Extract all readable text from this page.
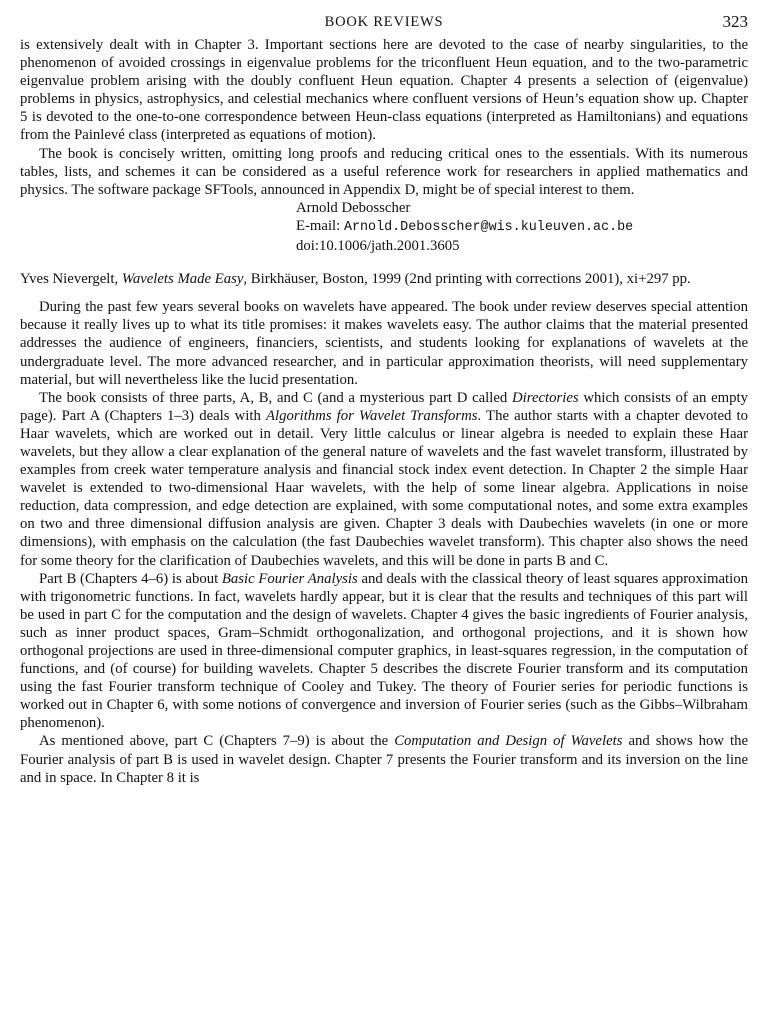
BOOK REVIEWS	323

is extensively dealt with in Chapter 3. Important sections here are devoted to the case of nearby singularities, to the phenomenon of avoided crossings in eigenvalue problems for the triconfluent Heun equation, and to the two-parametric eigenvalue problem arising with the doubly confluent Heun equation. Chapter 4 presents a selection of (eigenvalue) problems in physics, astrophysics, and celestial mechanics where confluent versions of Heun’s equation show up. Chapter 5 is devoted to the one-to-one correspondence between Heun-class equations (interpreted as Hamiltonians) and equations from the Painlevé class (interpreted as equations of motion).

The book is concisely written, omitting long proofs and reducing critical ones to the essentials. With its numerous tables, lists, and schemes it can be considered as a useful reference work for researchers in applied mathematics and physics. The software package SFTools, announced in Appendix D, might be of special interest to them.

Arnold Debosscher
E-mail: Arnold.Debosscher@wis.kuleuven.ac.be
doi:10.1006/jath.2001.3605

Yves Nievergelt, Wavelets Made Easy, Birkhäuser, Boston, 1999 (2nd printing with corrections 2001), xi+297 pp.

During the past few years several books on wavelets have appeared. The book under review deserves special attention because it really lives up to what its title promises: it makes wavelets easy. The author claims that the material presented addresses the audience of engineers, financiers, scientists, and students looking for explanations of wavelets at the undergraduate level. The more advanced researcher, and in particular approximation theorists, will need supplementary material, but will nevertheless like the lucid presentation.

The book consists of three parts, A, B, and C (and a mysterious part D called Directories which consists of an empty page). Part A (Chapters 1–3) deals with Algorithms for Wavelet Transforms. The author starts with a chapter devoted to Haar wavelets, which are worked out in detail. Very little calculus or linear algebra is needed to explain these Haar wavelets, but they allow a clear explanation of the general nature of wavelets and the fast wavelet transform, illustrated by examples from creek water temperature analysis and financial stock index event detection. In Chapter 2 the simple Haar wavelet is extended to two-dimensional Haar wavelets, with the help of some linear algebra. Applications in noise reduction, data compression, and edge detection are explained, with some computational notes, and some extra examples on two and three dimensional diffusion analysis are given. Chapter 3 deals with Daubechies wavelets (in one or more dimensions), with emphasis on the calculation (the fast Daubechies wavelet transform). This chapter also shows the need for some theory for the clarification of Daubechies wavelets, and this will be done in parts B and C.

Part B (Chapters 4–6) is about Basic Fourier Analysis and deals with the classical theory of least squares approximation with trigonometric functions. In fact, wavelets hardly appear, but it is clear that the results and techniques of this part will be used in part C for the computation and the design of wavelets. Chapter 4 gives the basic ingredients of Fourier analysis, such as inner product spaces, Gram–Schmidt orthogonalization, and orthogonal projections, and it is shown how orthogonal projections are used in three-dimensional computer graphics, in least-squares regression, in the computation of functions, and (of course) for building wavelets. Chapter 5 describes the discrete Fourier transform and its computation using the fast Fourier transform technique of Cooley and Tukey. The theory of Fourier series for periodic functions is worked out in Chapter 6, with some notions of convergence and inversion of Fourier series (such as the Gibbs–Wilbraham phenomenon).

As mentioned above, part C (Chapters 7–9) is about the Computation and Design of Wavelets and shows how the Fourier analysis of part B is used in wavelet design. Chapter 7 presents the Fourier transform and its inversion on the line and in space. In Chapter 8 it is
